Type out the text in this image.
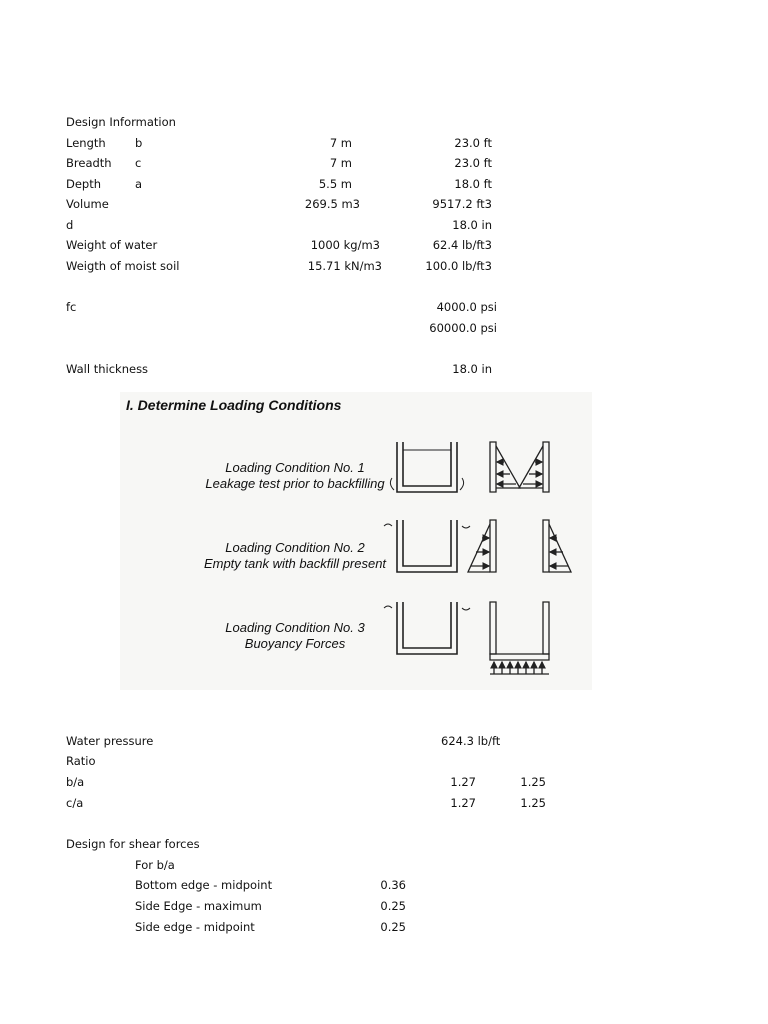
Design Information
Length	b	7 m	23.0 ft
Breadth c	7 m	23.0 ft
Depth	a	5.5 m	18.0 ft
Volume	269.5 m3	9517.2 ft3
d	18.0 in
Weight of water	1000 kg/m3	62.4 lb/ft3
Weigth of moist soil	15.71 kN/m3	100.0 lb/ft3
fc	4000.0 psi
60000.0 psi
Wall thickness	18.0 in
I. Determine Loading Conditions
Loading Condition No. 1
Leakage test prior to backfilling
Loading Condition No. 2
Empty tank with backfill present
Loading Condition No. 3
Buoyancy Forces
Water pressure	624.3 lb/ft
Ratio
b/a	1.27	1.25
c/a	1.27	1.25
Design for shear forces
For b/a
Bottom edge - midpoint	0.36
Side Edge - maximum	0.25
Side edge - midpoint	0.25
